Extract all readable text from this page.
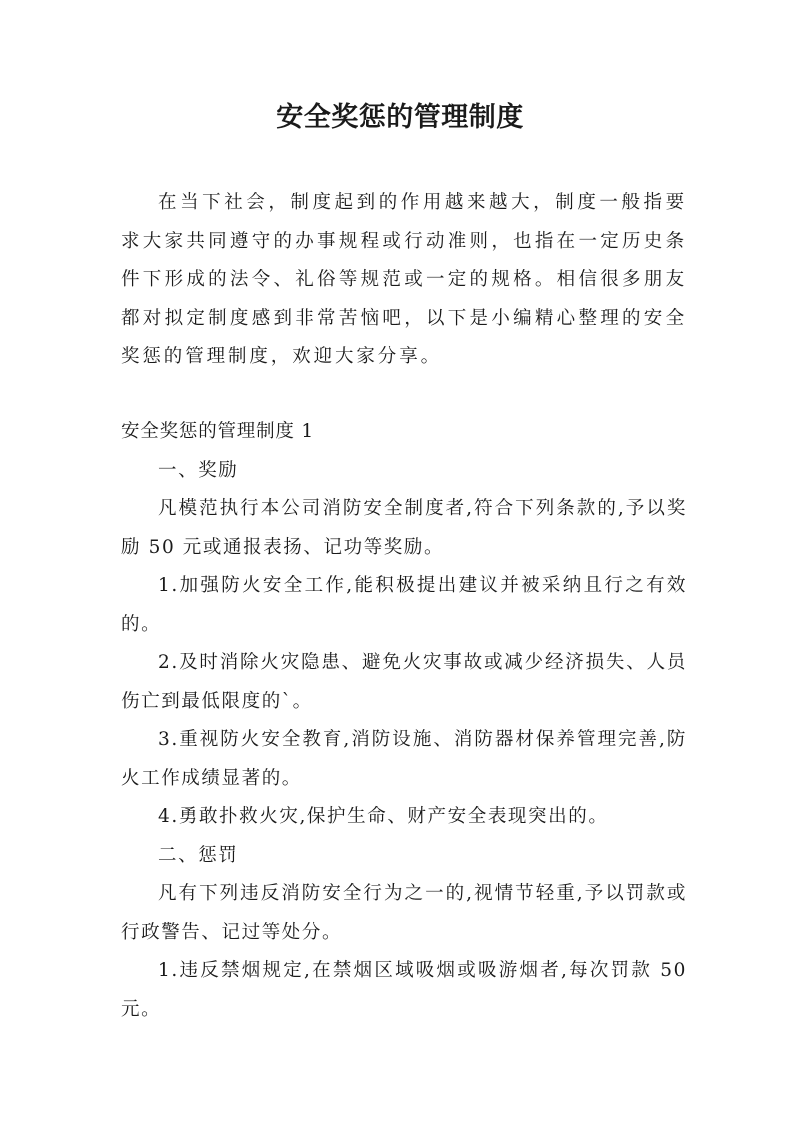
安全奖惩的管理制度

在当下社会，制度起到的作用越来越大，制度一般指要求大家共同遵守的办事规程或行动准则，也指在一定历史条件下形成的法令、礼俗等规范或一定的规格。相信很多朋友都对拟定制度感到非常苦恼吧，以下是小编精心整理的安全奖惩的管理制度，欢迎大家分享。

安全奖惩的管理制度 1

一、奖励

凡模范执行本公司消防安全制度者,符合下列条款的,予以奖励 50 元或通报表扬、记功等奖励。

1.加强防火安全工作,能积极提出建议并被采纳且行之有效的。

2.及时消除火灾隐患、避免火灾事故或减少经济损失、人员伤亡到最低限度的`。

3.重视防火安全教育,消防设施、消防器材保养管理完善,防火工作成绩显著的。

4.勇敢扑救火灾,保护生命、财产安全表现突出的。

二、惩罚

凡有下列违反消防安全行为之一的,视情节轻重,予以罚款或行政警告、记过等处分。

1.违反禁烟规定,在禁烟区域吸烟或吸游烟者,每次罚款 50 元。
